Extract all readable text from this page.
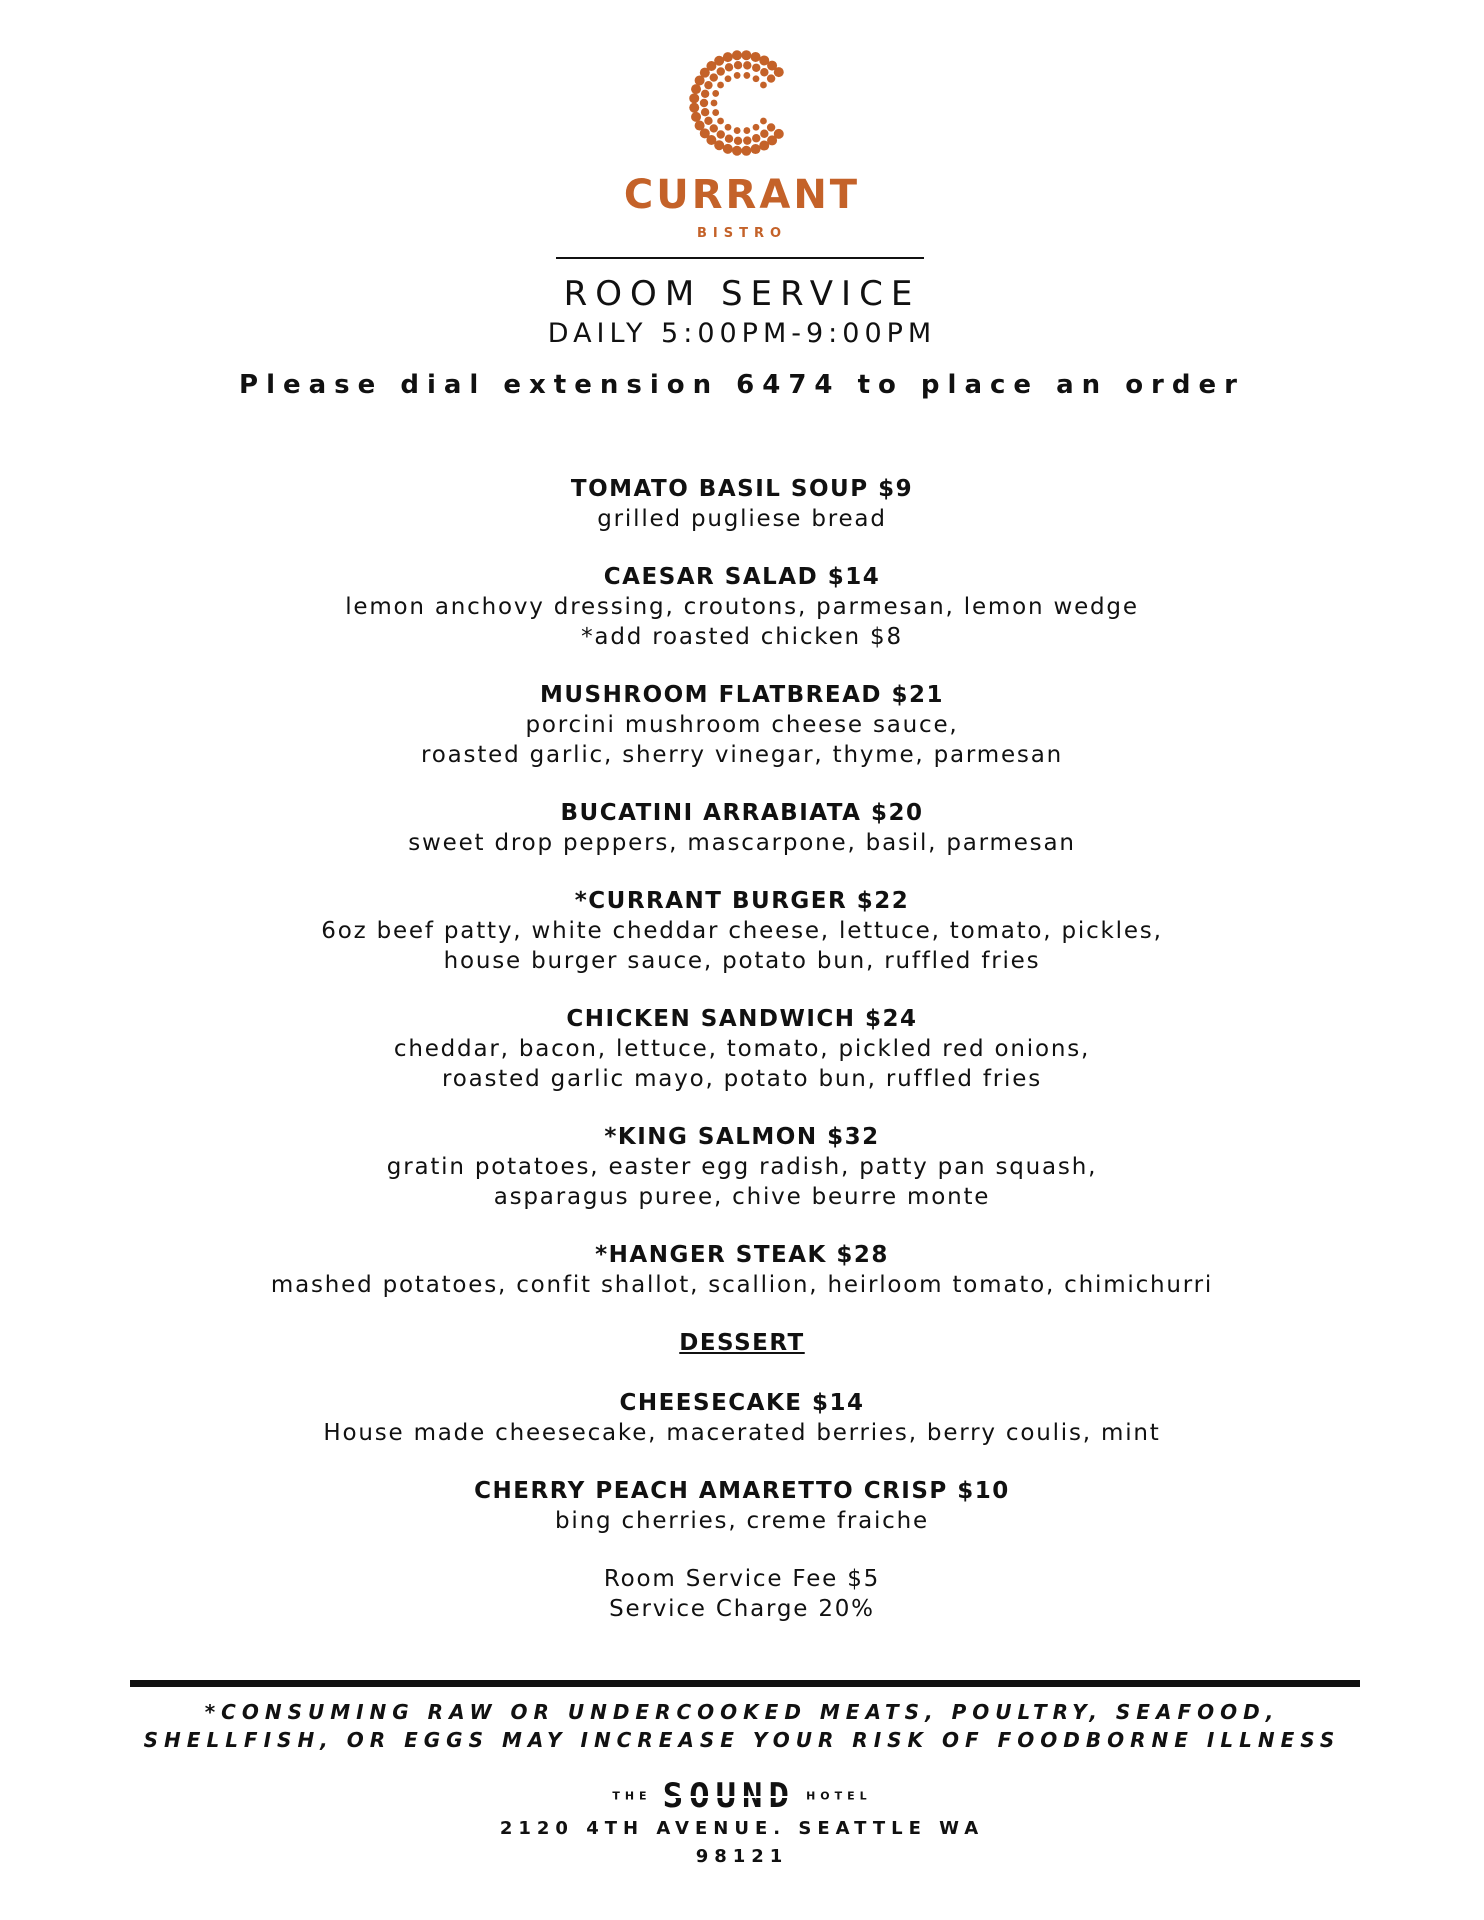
CURRANT
BISTRO
ROOM SERVICE
DAILY 5:00PM-9:00PM
Please dial extension 6474 to place an order
TOMATO BASIL SOUP $9
grilled pugliese bread
CAESAR SALAD $14
lemon anchovy dressing, croutons, parmesan, lemon wedge
*add roasted chicken $8
MUSHROOM FLATBREAD $21
porcini mushroom cheese sauce,
roasted garlic, sherry vinegar, thyme, parmesan
BUCATINI ARRABIATA $20
sweet drop peppers, mascarpone, basil, parmesan
*CURRANT BURGER $22
6oz beef patty, white cheddar cheese, lettuce, tomato, pickles,
house burger sauce, potato bun, ruffled fries
CHICKEN SANDWICH $24
cheddar, bacon, lettuce, tomato, pickled red onions,
roasted garlic mayo, potato bun, ruffled fries
*KING SALMON $32
gratin potatoes, easter egg radish, patty pan squash,
asparagus puree, chive beurre monte
*HANGER STEAK $28
mashed potatoes, confit shallot, scallion, heirloom tomato, chimichurri
DESSERT
CHEESECAKE $14
House made cheesecake, macerated berries, berry coulis, mint
CHERRY PEACH AMARETTO CRISP $10
bing cherries, creme fraiche
Room Service Fee $5
Service Charge 20%
*CONSUMING RAW OR UNDERCOOKED MEATS, POULTRY, SEAFOOD,
SHELLFISH, OR EGGS MAY INCREASE YOUR RISK OF FOODBORNE ILLNESS
THE SOUND HOTEL
2120 4TH AVENUE. SEATTLE WA
98121
